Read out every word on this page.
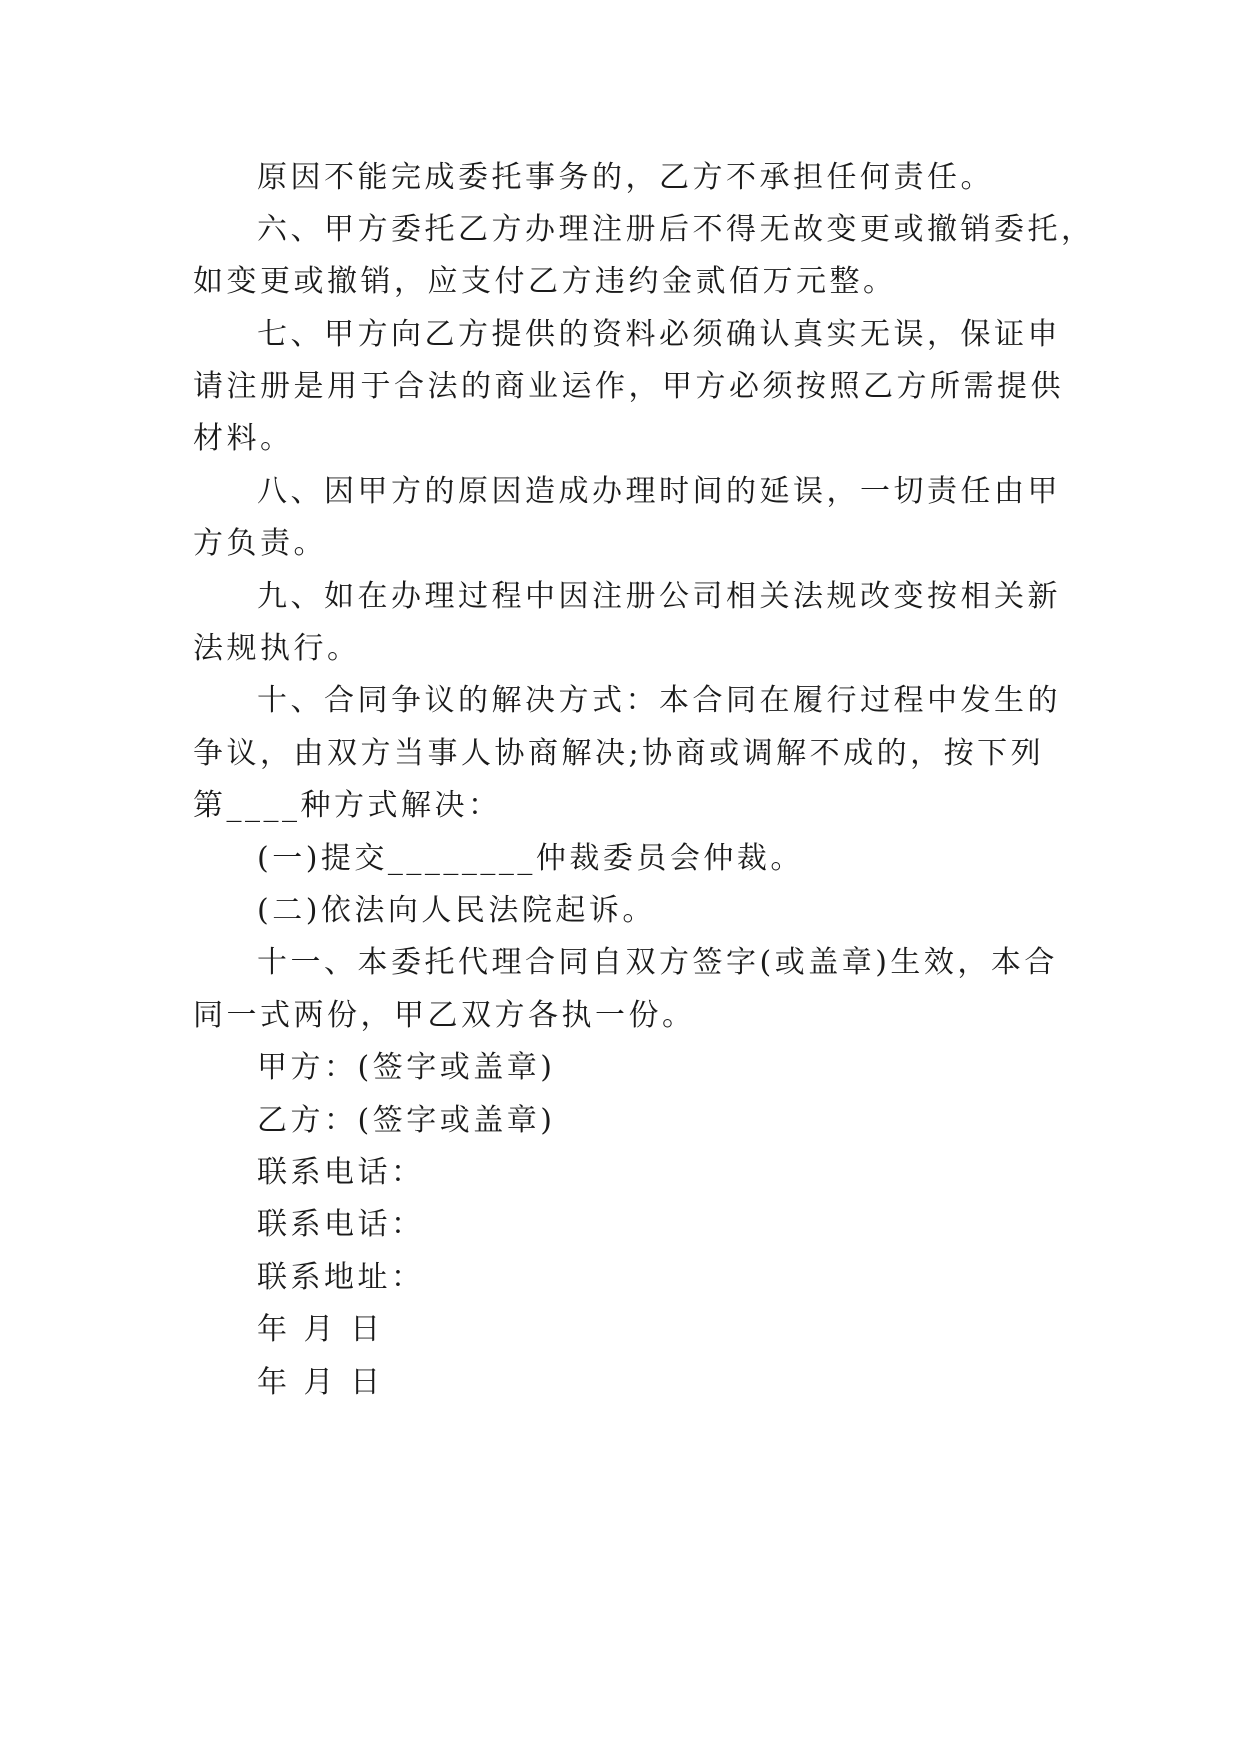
原因不能完成委托事务的，乙方不承担任何责任。
六、甲方委托乙方办理注册后不得无故变更或撤销委托，
如变更或撤销，应支付乙方违约金贰佰万元整。
七、甲方向乙方提供的资料必须确认真实无误，保证申
请注册是用于合法的商业运作，甲方必须按照乙方所需提供
材料。
八、因甲方的原因造成办理时间的延误，一切责任由甲
方负责。
九、如在办理过程中因注册公司相关法规改变按相关新
法规执行。
十、合同争议的解决方式：本合同在履行过程中发生的
争议，由双方当事人协商解决;协商或调解不成的，按下列
第____种方式解决：
(一)提交________仲裁委员会仲裁。
(二)依法向人民法院起诉。
十一、本委托代理合同自双方签字(或盖章)生效，本合
同一式两份，甲乙双方各执一份。
甲方：(签字或盖章)
乙方：(签字或盖章)
联系电话：
联系电话：
联系地址：
年 月 日
年 月 日
